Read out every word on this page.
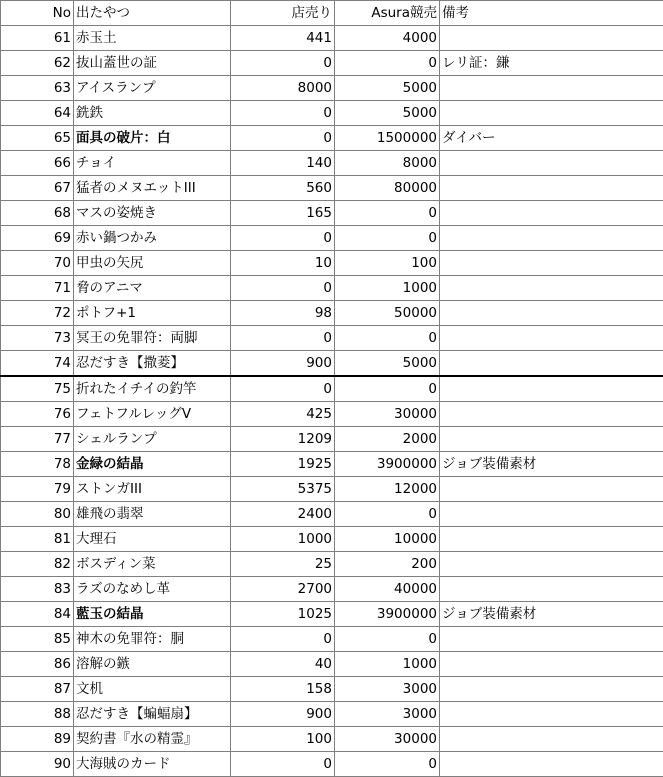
No	出たやつ	店売り	Asura競売	備考
61	赤玉土	441	4000	
62	抜山蓋世の証	0	0	レリ証：鎌
63	アイスランプ	8000	5000	
64	銑鉄	0	5000	
65	面具の破片：白	0	1500000	ダイバー
66	チョイ	140	8000	
67	猛者のメヌエットIII	560	80000	
68	マスの姿焼き	165	0	
69	赤い鍋つかみ	0	0	
70	甲虫の矢尻	10	100	
71	脅のアニマ	0	1000	
72	ポトフ+1	98	50000	
73	冥王の免罪符：両脚	0	0	
74	忍だすき【撒菱】	900	5000	
75	折れたイチイの釣竿	0	0	
76	フェトフルレッグV	425	30000	
77	シェルランプ	1209	2000	
78	金緑の結晶	1925	3900000	ジョブ装備素材
79	ストンガIII	5375	12000	
80	雄飛の翡翠	2400	0	
81	大理石	1000	10000	
82	ボスディン菜	25	200	
83	ラズのなめし革	2700	40000	
84	藍玉の結晶	1025	3900000	ジョブ装備素材
85	神木の免罪符：胴	0	0	
86	溶解の鏃	40	1000	
87	文机	158	3000	
88	忍だすき【蝙蝠扇】	900	3000	
89	契約書『水の精霊』	100	30000	
90	大海賊のカード	0	0	
